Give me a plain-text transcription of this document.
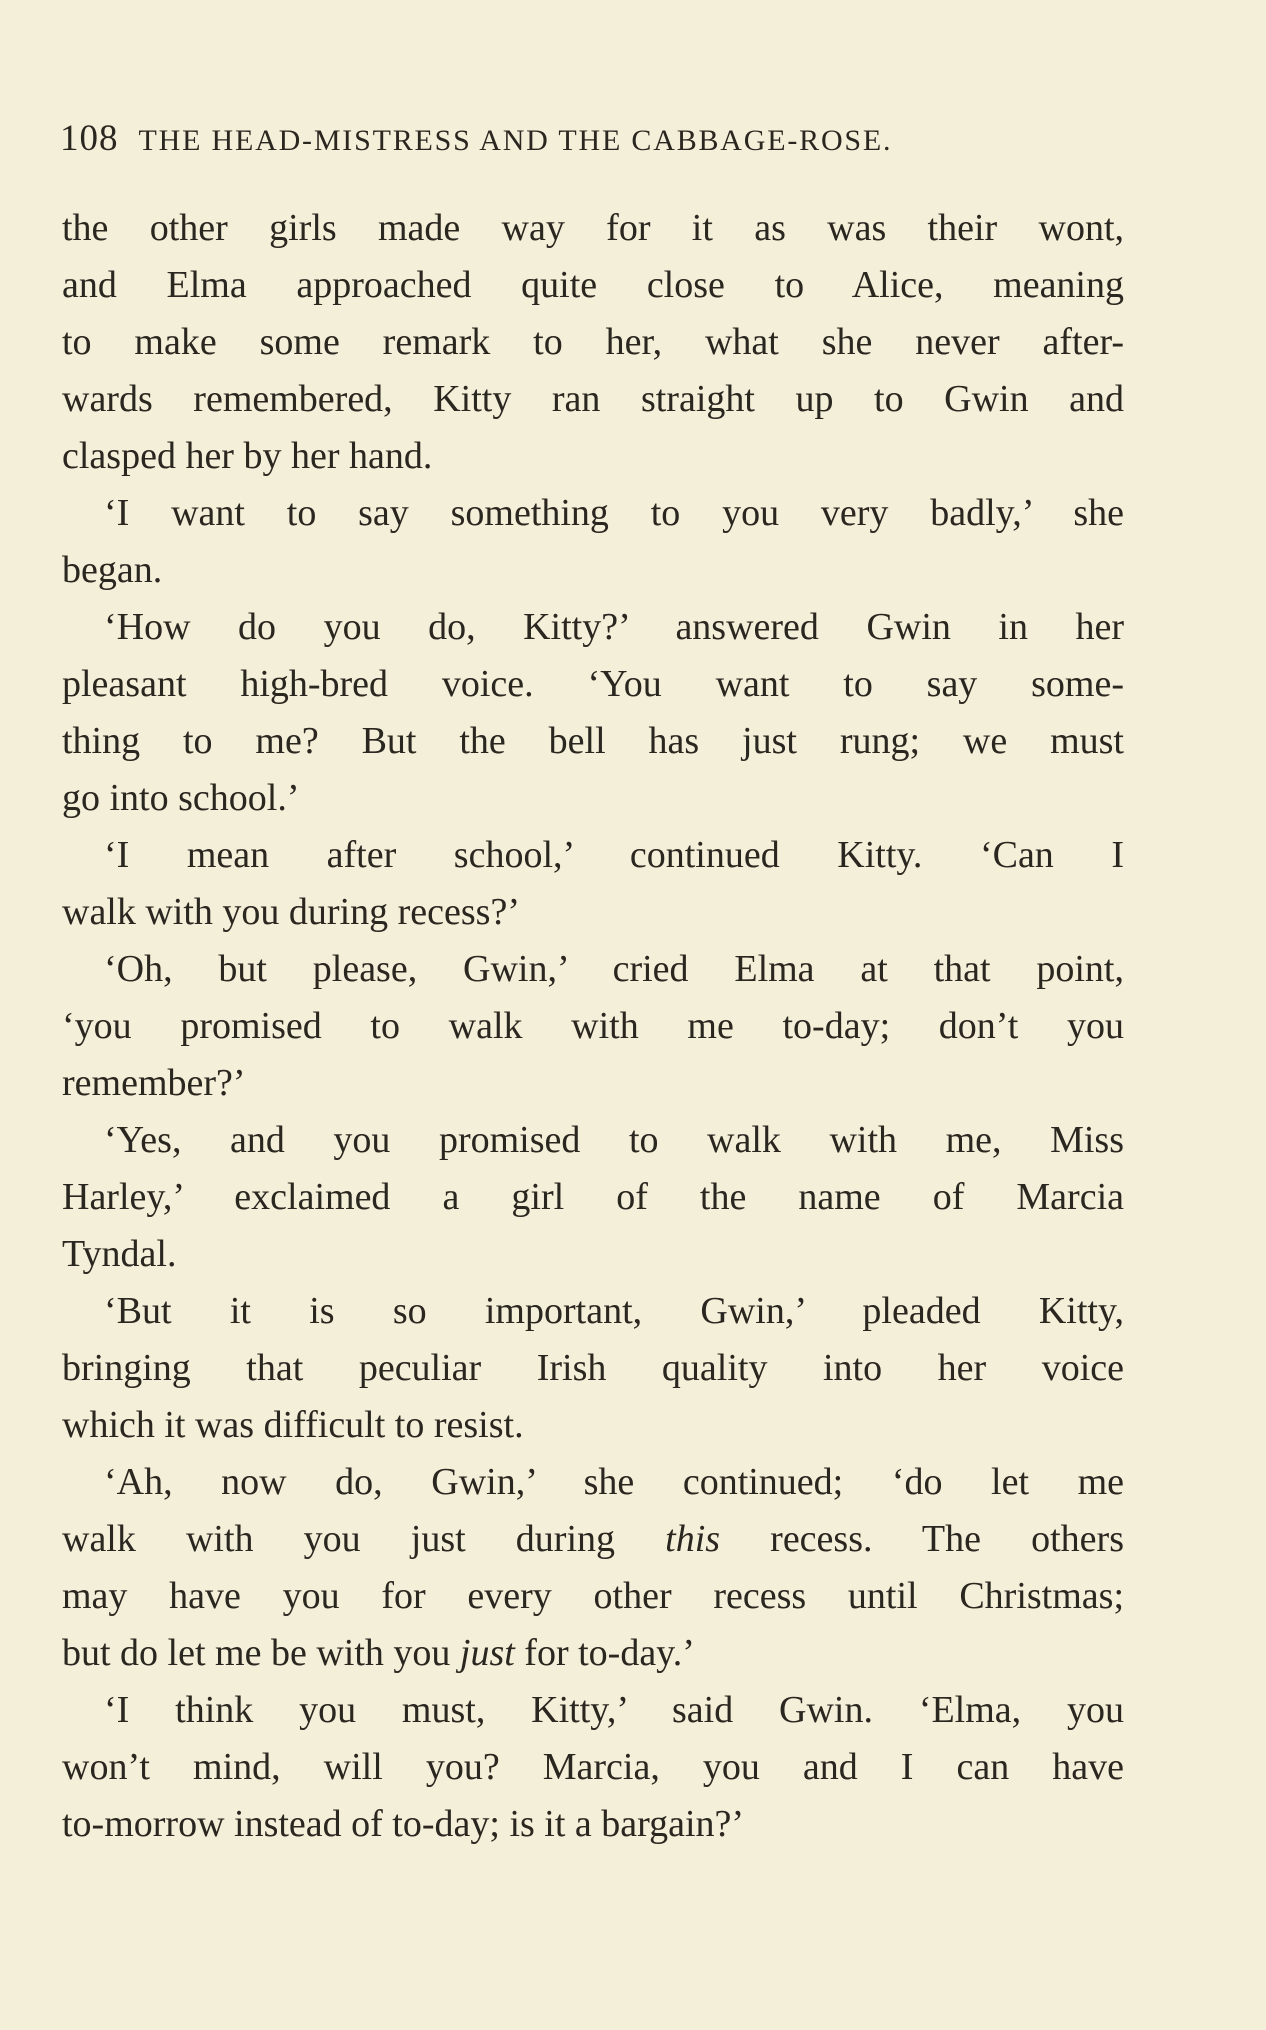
108 THE HEAD-MISTRESS AND THE CABBAGE-ROSE.
the other girls made way for it as was their wont,
and Elma approached quite close to Alice, meaning
to make some remark to her, what she never after-
wards remembered, Kitty ran straight up to Gwin and
clasped her by her hand.
‘I want to say something to you very badly,’ she
began.
‘How do you do, Kitty?’ answered Gwin in her
pleasant high-bred voice. ‘You want to say some-
thing to me? But the bell has just rung; we must
go into school.’
‘I mean after school,’ continued Kitty. ‘Can I
walk with you during recess?’
‘Oh, but please, Gwin,’ cried Elma at that point,
‘you promised to walk with me to-day; don’t you
remember?’
‘Yes, and you promised to walk with me, Miss
Harley,’ exclaimed a girl of the name of Marcia
Tyndal.
‘But it is so important, Gwin,’ pleaded Kitty,
bringing that peculiar Irish quality into her voice
which it was difficult to resist.
‘Ah, now do, Gwin,’ she continued; ‘do let me
walk with you just during this recess. The others
may have you for every other recess until Christmas;
but do let me be with you just for to-day.’
‘I think you must, Kitty,’ said Gwin. ‘Elma, you
won’t mind, will you? Marcia, you and I can have
to-morrow instead of to-day; is it a bargain?’
